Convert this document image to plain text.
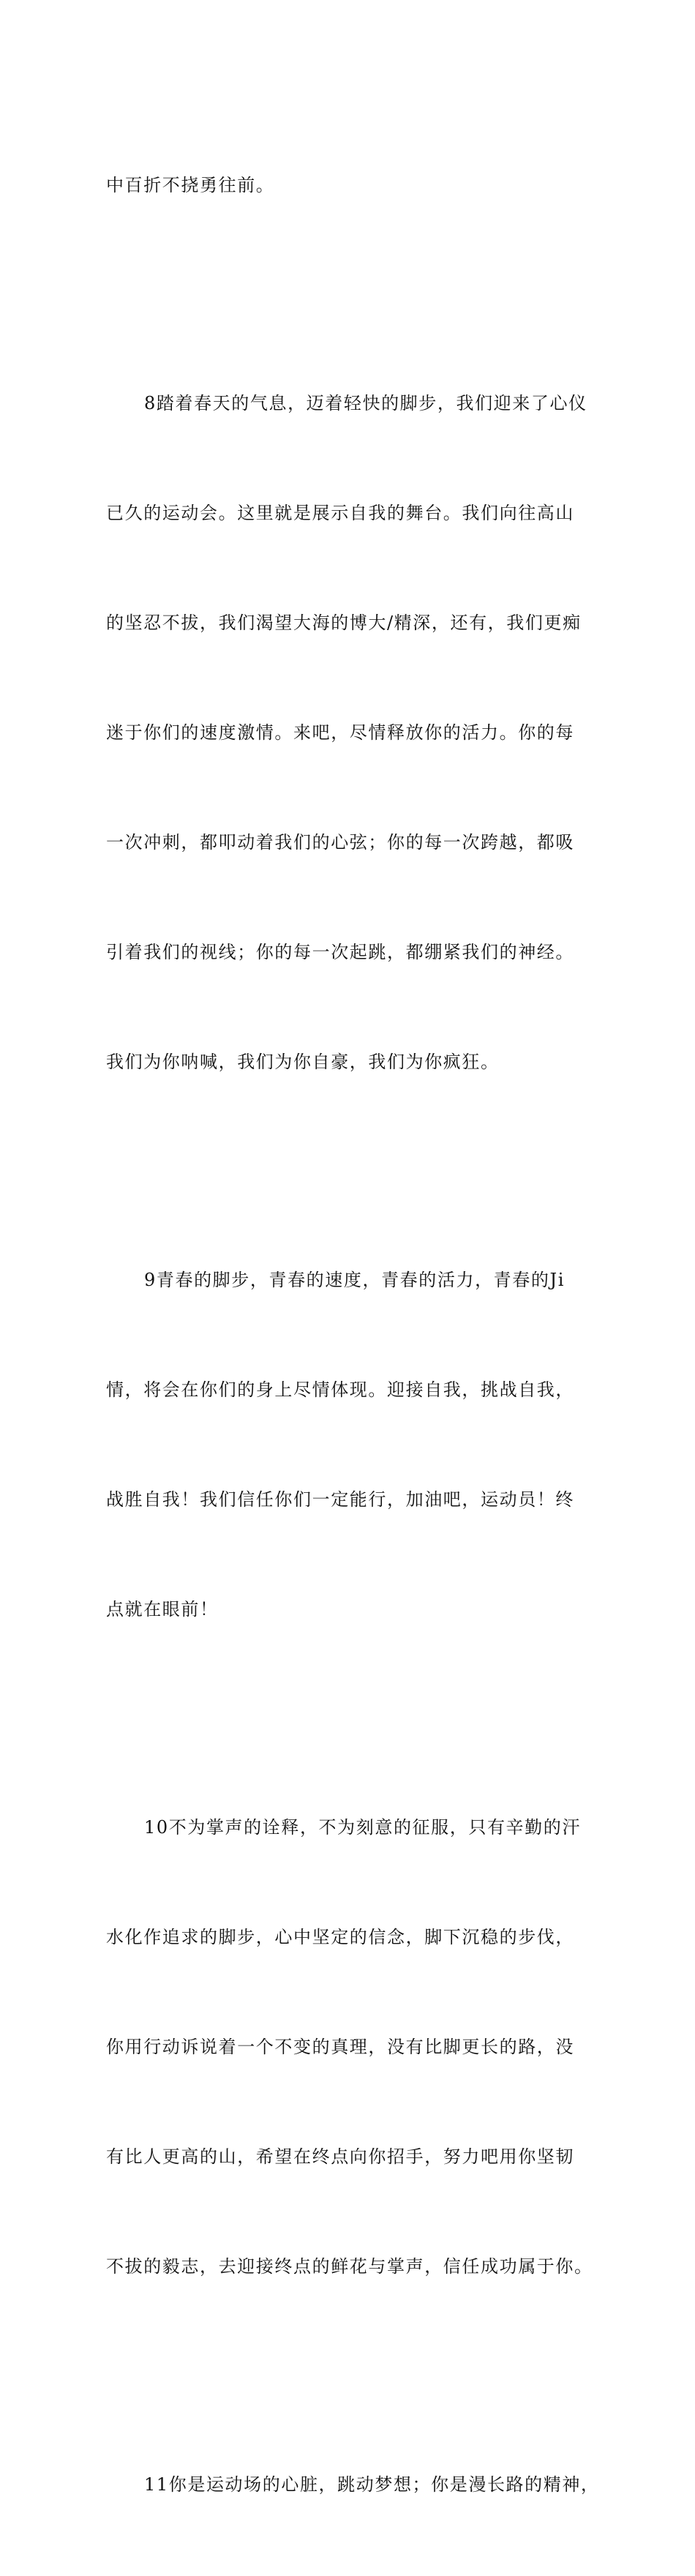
中百折不挠勇往前。

8踏着春天的气息，迈着轻快的脚步，我们迎来了心仪

已久的运动会。这里就是展示自我的舞台。我们向往高山

的坚忍不拔，我们渴望大海的博大/精深，还有，我们更痴

迷于你们的速度激情。来吧，尽情释放你的活力。你的每

一次冲刺，都叩动着我们的心弦；你的每一次跨越，都吸

引着我们的视线；你的每一次起跳，都绷紧我们的神经。

我们为你呐喊，我们为你自豪，我们为你疯狂。

9青春的脚步，青春的速度，青春的活力，青春的Ji

情，将会在你们的身上尽情体现。迎接自我，挑战自我，

战胜自我！我们信任你们一定能行，加油吧，运动员！终

点就在眼前！

10不为掌声的诠释，不为刻意的征服，只有辛勤的汗

水化作追求的脚步，心中坚定的信念，脚下沉稳的步伐，

你用行动诉说着一个不变的真理，没有比脚更长的路，没

有比人更高的山，希望在终点向你招手，努力吧用你坚韧

不拔的毅志，去迎接终点的鲜花与掌声，信任成功属于你。

11你是运动场的心脏，跳动梦想；你是漫长路的精神，
